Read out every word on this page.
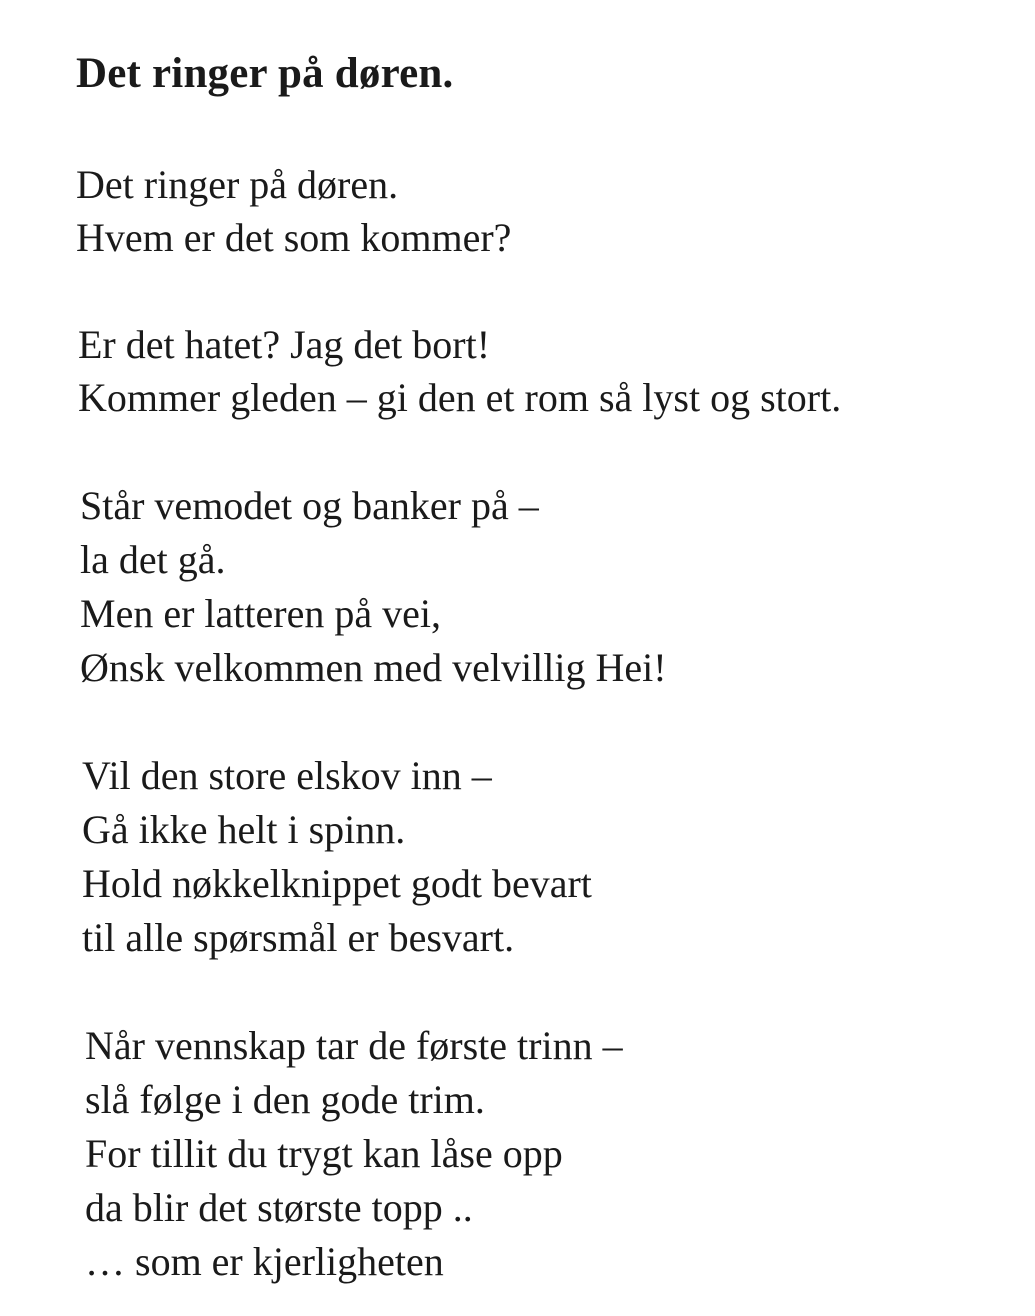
Det ringer på døren.

Det ringer på døren.

Hvem er det som kommer?

Er det hatet? Jag det bort!

Kommer gleden – gi den et rom så lyst og stort.

Står vemodet og banker på –

la det gå.

Men er latteren på vei,

Ønsk velkommen med velvillig Hei!

Vil den store elskov inn –

Gå ikke helt i spinn.

Hold nøkkelknippet godt bevart

til alle spørsmål er besvart.

Når vennskap tar de første trinn –

slå følge i den gode trim.

For tillit du trygt kan låse opp

da blir det største topp ..

… som er kjerligheten
